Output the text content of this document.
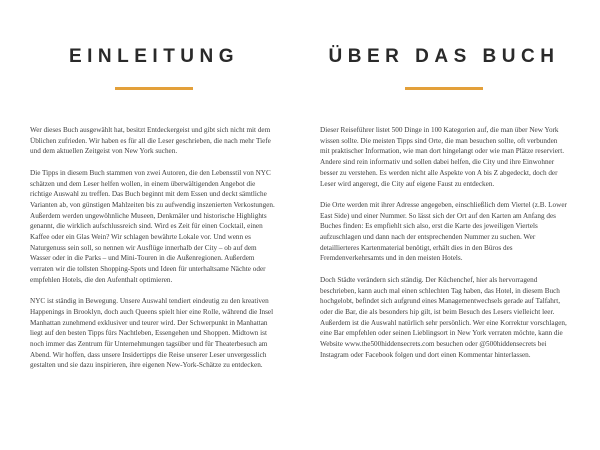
EINLEITUNG

Wer dieses Buch ausgewählt hat, besitzt Entdeckergeist und gibt sich nicht mit dem Üblichen zufrieden. Wir haben es für all die Leser geschrieben, die nach mehr Tiefe und dem aktuellen Zeitgeist von New York suchen.

Die Tipps in diesem Buch stammen von zwei Autoren, die den Lebensstil von NYC schätzen und dem Leser helfen wollen, in einem überwältigenden Angebot die richtige Auswahl zu treffen. Das Buch beginnt mit dem Essen und deckt sämtliche Varianten ab, von günstigen Mahlzeiten bis zu aufwendig inszenierten Verkostungen. Außerdem werden ungewöhnliche Museen, Denkmäler und historische Highlights genannt, die wirklich aufschlussreich sind. Wird es Zeit für einen Cocktail, einen Kaffee oder ein Glas Wein? Wir schlagen bewährte Lokale vor. Und wenn es Naturgenuss sein soll, so nennen wir Ausflüge innerhalb der City – ob auf dem Wasser oder in die Parks – und Mini-Touren in die Außenregionen. Außerdem verraten wir die tollsten Shopping-Spots und Ideen für unterhaltsame Nächte oder empfehlen Hotels, die den Aufenthalt optimieren.

NYC ist ständig in Bewegung. Unsere Auswahl tendiert eindeutig zu den kreativen Happenings in Brooklyn, doch auch Queens spielt hier eine Rolle, während die Insel Manhattan zunehmend exklusiver und teurer wird. Der Schwerpunkt in Manhattan liegt auf den besten Tipps fürs Nachtleben, Essengehen und Shoppen. Midtown ist noch immer das Zentrum für Unternehmungen tagsüber und für Theaterbesuch am Abend. Wir hoffen, dass unsere Insidertipps die Reise unserer Leser unvergesslich gestalten und sie dazu inspirieren, ihre eigenen New-York-Schätze zu entdecken.

ÜBER DAS BUCH

Dieser Reiseführer listet 500 Dinge in 100 Kategorien auf, die man über New York wissen sollte. Die meisten Tipps sind Orte, die man besuchen sollte, oft verbunden mit praktischer Information, wie man dort hingelangt oder wie man Plätze reserviert. Andere sind rein informativ und sollen dabei helfen, die City und ihre Einwohner besser zu verstehen. Es werden nicht alle Aspekte von A bis Z abgedeckt, doch der Leser wird angeregt, die City auf eigene Faust zu entdecken.

Die Orte werden mit ihrer Adresse angegeben, einschließlich dem Viertel (z.B. Lower East Side) und einer Nummer. So lässt sich der Ort auf den Karten am Anfang des Buches finden: Es empfiehlt sich also, erst die Karte des jeweiligen Viertels aufzuschlagen und dann nach der entsprechenden Nummer zu suchen. Wer detaillierteres Kartenmaterial benötigt, erhält dies in den Büros des Fremdenverkehrsamts und in den meisten Hotels.

Doch Städte verändern sich ständig. Der Küchenchef, hier als hervorragend beschrieben, kann auch mal einen schlechten Tag haben, das Hotel, in diesem Buch hochgelobt, befindet sich aufgrund eines Managementwechsels gerade auf Talfahrt, oder die Bar, die als besonders hip gilt, ist beim Besuch des Lesers vielleicht leer. Außerdem ist die Auswahl natürlich sehr persönlich. Wer eine Korrektur vorschlagen, eine Bar empfehlen oder seinen Lieblingsort in New York verraten möchte, kann die Website www.the500hiddensecrets.com besuchen oder @500hiddensecrets bei Instagram oder Facebook folgen und dort einen Kommentar hinterlassen.
